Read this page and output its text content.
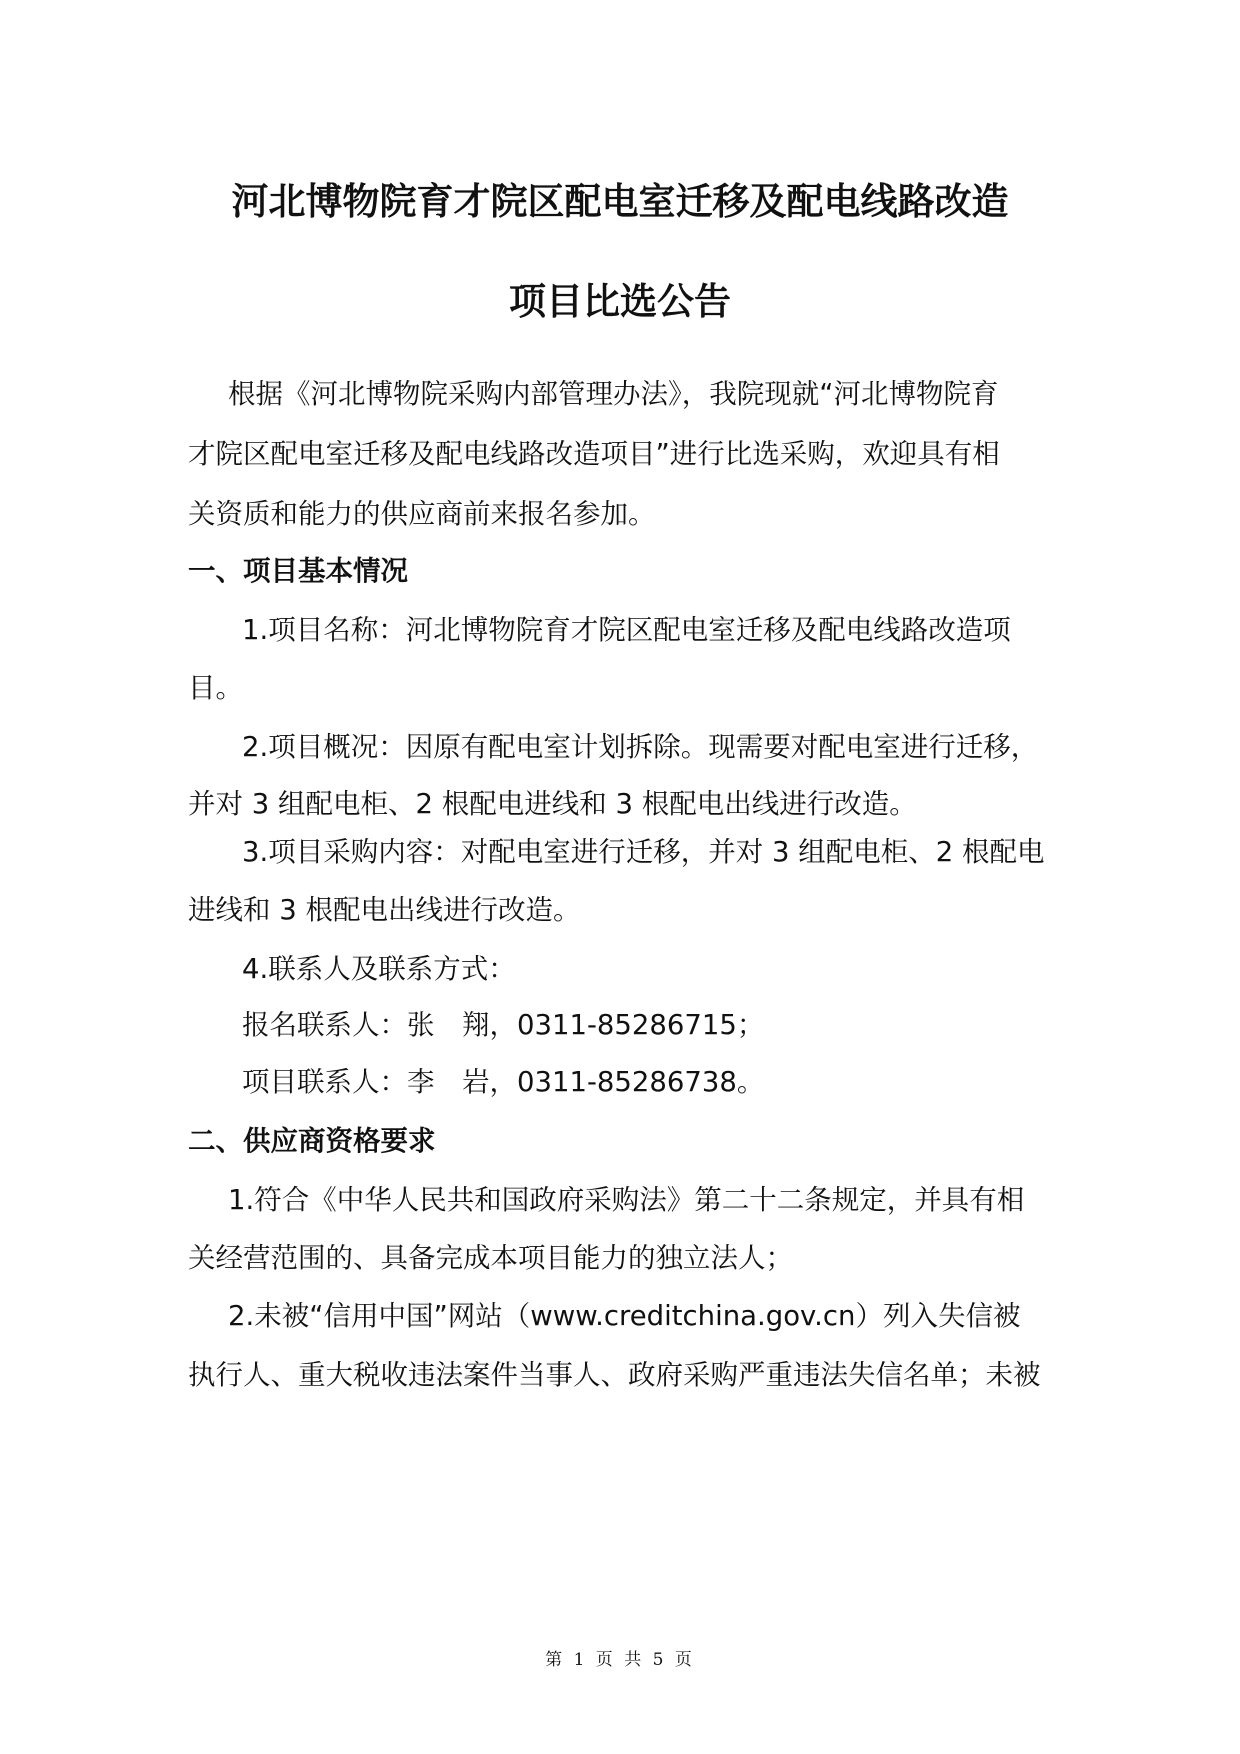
河北博物院育才院区配电室迁移及配电线路改造
项目比选公告

根据《河北博物院采购内部管理办法》，我院现就“河北博物院育

才院区配电室迁移及配电线路改造项目”进行比选采购，欢迎具有相

关资质和能力的供应商前来报名参加。

一、项目基本情况

1.项目名称：河北博物院育才院区配电室迁移及配电线路改造项

目。

2.项目概况：因原有配电室计划拆除。现需要对配电室进行迁移，

并对 3 组配电柜、2 根配电进线和 3 根配电出线进行改造。

3.项目采购内容：对配电室进行迁移，并对 3 组配电柜、2 根配电

进线和 3 根配电出线进行改造。

4.联系人及联系方式：

报名联系人：张　翔，0311-85286715；

项目联系人：李　岩，0311-85286738。

二、供应商资格要求

1.符合《中华人民共和国政府采购法》第二十二条规定，并具有相

关经营范围的、具备完成本项目能力的独立法人；

2.未被“信用中国”网站（www.creditchina.gov.cn）列入失信被

执行人、重大税收违法案件当事人、政府采购严重违法失信名单；未被

第 1 页 共 5 页
